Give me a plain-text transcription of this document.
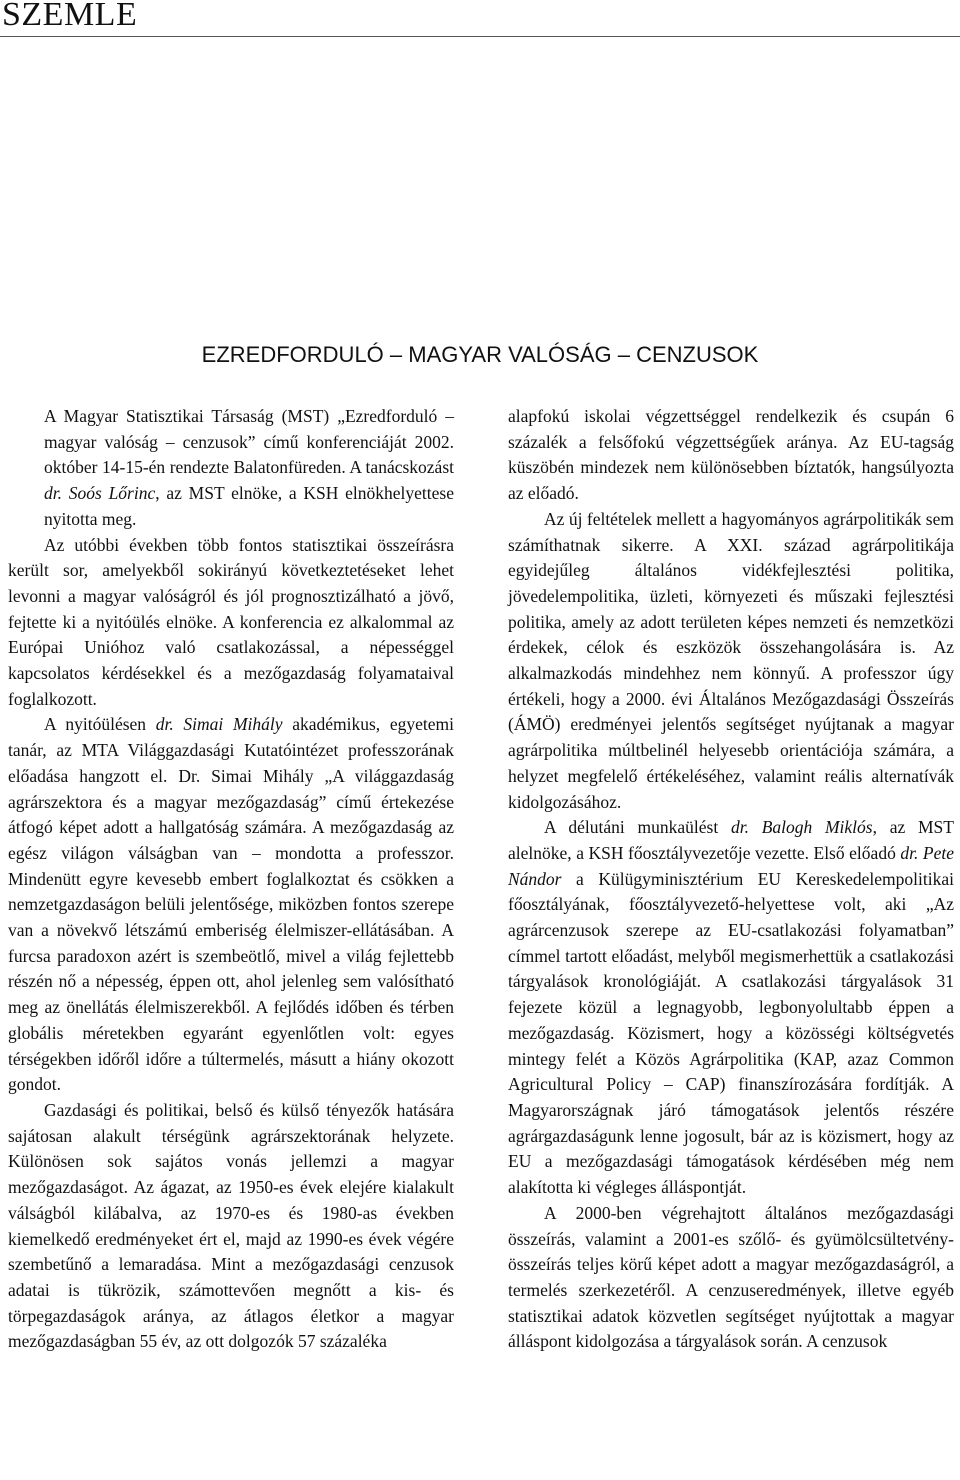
SZEMLE
EZREDFORDULÓ – MAGYAR VALÓSÁG – CENZUSOK

A Magyar Statisztikai Társaság (MST) „Ezredforduló – magyar valóság – cenzusok” című konferenciáját 2002. október 14-15-én rendezte Balatonfüreden. A tanácskozást dr. Soós Lőrinc, az MST elnöke, a KSH elnökhelyettese nyitotta meg.

Az utóbbi években több fontos statisztikai összeírásra került sor, amelyekből sokirányú következtetéseket lehet levonni a magyar valóságról és jól prognosztizálható a jövő, fejtette ki a nyitóülés elnöke. A konferencia ez alkalommal az Európai Unióhoz való csatlakozással, a népességgel kapcsolatos kérdésekkel és a mezőgazdaság folyamataival foglalkozott.

A nyitóülésen dr. Simai Mihály akadémikus, egyetemi tanár, az MTA Világgazdasági Kutatóintézet professzorának előadása hangzott el. Dr. Simai Mihály „A világgazdaság agrárszektora és a magyar mezőgazdaság” című értekezése átfogó képet adott a hallgatóság számára. A mezőgazdaság az egész világon válságban van – mondotta a professzor. Mindenütt egyre kevesebb embert foglalkoztat és csökken a nemzetgazdaságon belüli jelentősége, miközben fontos szerepe van a növekvő létszámú emberiség élelmiszer-ellátásában. A furcsa paradoxon azért is szembeötlő, mivel a világ fejlettebb részén nő a népesség, éppen ott, ahol jelenleg sem valósítható meg az önellátás élelmiszerekből. A fejlődés időben és térben globális méretekben egyaránt egyenlőtlen volt: egyes térségekben időről időre a túltermelés, másutt a hiány okozott gondot.

Gazdasági és politikai, belső és külső tényezők hatására sajátosan alakult térségünk agrárszektorának helyzete. Különösen sok sajátos vonás jellemzi a magyar mezőgazdaságot. Az ágazat, az 1950-es évek elejére kialakult válságból kilábalva, az 1970-es és 1980-as években kiemelkedő eredményeket ért el, majd az 1990-es évek végére szembetűnő a lemaradása. Mint a mezőgazdasági cenzusok adatai is tükrözik, számottevően megnőtt a kis- és törpegazdaságok aránya, az átlagos életkor a magyar mezőgazdaságban 55 év, az ott dolgozók 57 százaléka

alapfokú iskolai végzettséggel rendelkezik és csupán 6 százalék a felsőfokú végzettségűek aránya. Az EU-tagság küszöbén mindezek nem különösebben bíztatók, hangsúlyozta az előadó.

Az új feltételek mellett a hagyományos agrárpolitikák sem számíthatnak sikerre. A XXI. század agrárpolitikája egyidejűleg általános vidékfejlesztési politika, jövedelempolitika, üzleti, környezeti és műszaki fejlesztési politika, amely az adott területen képes nemzeti és nemzetközi érdekek, célok és eszközök összehangolására is. Az alkalmazkodás mindehhez nem könnyű. A professzor úgy értékeli, hogy a 2000. évi Általános Mezőgazdasági Összeírás (ÁMÖ) eredményei jelentős segítséget nyújtanak a magyar agrárpolitika múltbelinél helyesebb orientációja számára, a helyzet megfelelő értékeléséhez, valamint reális alternatívák kidolgozásához.

A délutáni munkaülést dr. Balogh Miklós, az MST alelnöke, a KSH főosztályvezetője vezette. Első előadó dr. Pete Nándor a Külügyminisztérium EU Kereskedelempolitikai főosztályának, főosztályvezető-helyettese volt, aki „Az agrárcenzusok szerepe az EU-csatlakozási folyamatban” címmel tartott előadást, melyből megismerhettük a csatlakozási tárgyalások kronológiáját. A csatlakozási tárgyalások 31 fejezete közül a legnagyobb, legbonyolultabb éppen a mezőgazdaság. Közismert, hogy a közösségi költségvetés mintegy felét a Közös Agrárpolitika (KAP, azaz Common Agricultural Policy – CAP) finanszírozására fordítják. A Magyarországnak járó támogatások jelentős részére agrárgazdaságunk lenne jogosult, bár az is közismert, hogy az EU a mezőgazdasági támogatások kérdésében még nem alakította ki végleges álláspontját.

A 2000-ben végrehajtott általános mezőgazdasági összeírás, valamint a 2001-es szőlő- és gyümölcsültetvény-összeírás teljes körű képet adott a magyar mezőgazdaságról, a termelés szerkezetéről. A cenzuseredmények, illetve egyéb statisztikai adatok közvetlen segítséget nyújtottak a magyar álláspont kidolgozása a tárgyalások során. A cenzusok
